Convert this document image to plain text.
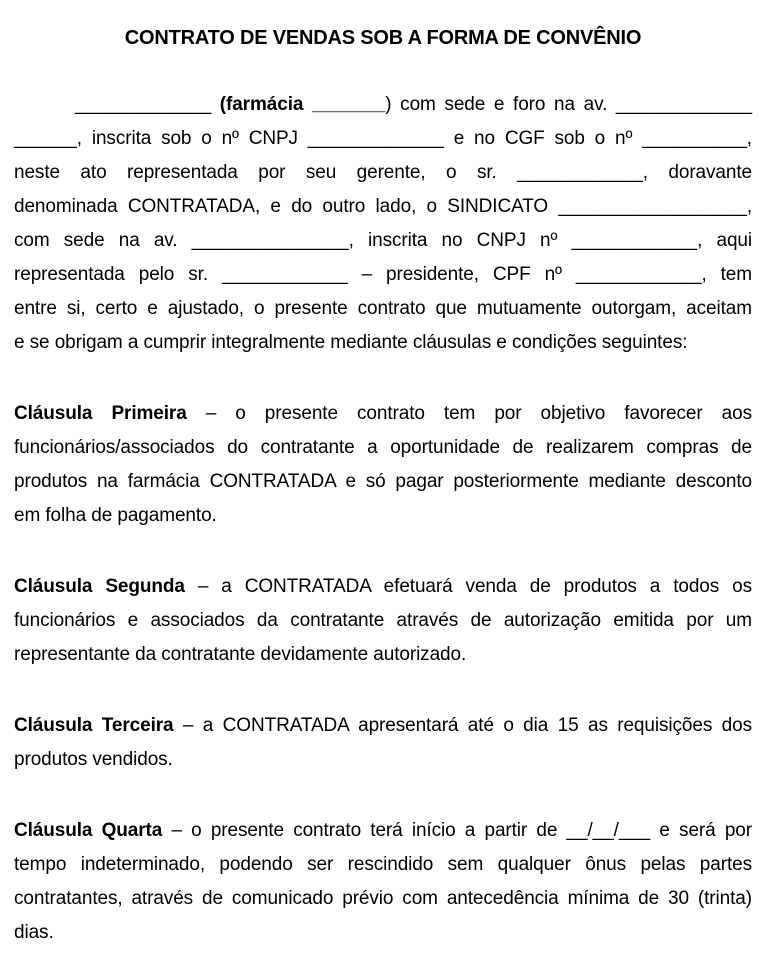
CONTRATO DE VENDAS SOB A FORMA DE CONVÊNIO
_____________ (farmácia _______) com sede e foro na av. _____________
______, inscrita sob o nº CNPJ _____________ e no CGF sob o nº __________,
neste ato representada por seu gerente, o sr. ____________, doravante
denominada CONTRATADA, e do outro lado, o SINDICATO __________________,
com sede na av. _______________, inscrita no CNPJ nº ____________, aqui
representada pelo sr. ____________ – presidente, CPF nº ____________, tem
entre si, certo e ajustado, o presente contrato que mutuamente outorgam, aceitam
e se obrigam a cumprir integralmente mediante cláusulas e condições seguintes:
Cláusula Primeira – o presente contrato tem por objetivo favorecer aos
funcionários/associados do contratante a oportunidade de realizarem compras de
produtos na farmácia CONTRATADA e só pagar posteriormente mediante desconto
em folha de pagamento.
Cláusula Segunda – a CONTRATADA efetuará venda de produtos a todos os
funcionários e associados da contratante através de autorização emitida por um
representante da contratante devidamente autorizado.
Cláusula Terceira – a CONTRATADA apresentará até o dia 15 as requisições dos
produtos vendidos.
Cláusula Quarta – o presente contrato terá início a partir de __/__/___ e será por
tempo indeterminado, podendo ser rescindido sem qualquer ônus pelas partes
contratantes, através de comunicado prévio com antecedência mínima de 30 (trinta)
dias.
